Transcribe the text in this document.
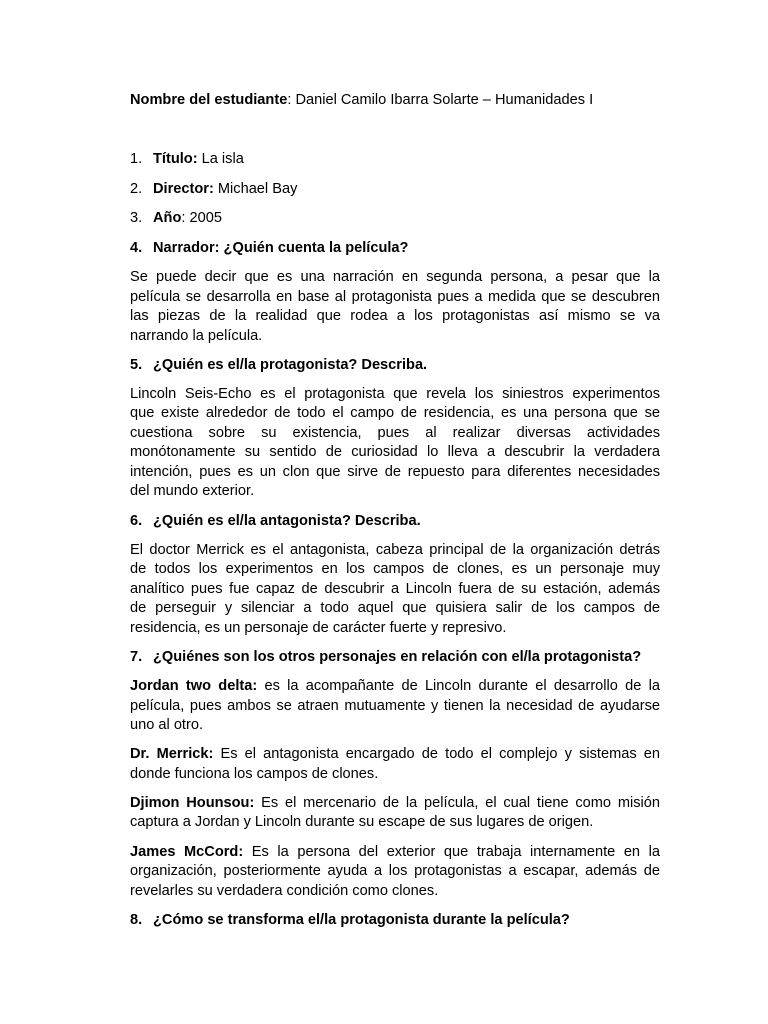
Nombre del estudiante: Daniel Camilo Ibarra Solarte – Humanidades I
1. Título: La isla
2. Director: Michael Bay
3. Año: 2005
4. Narrador: ¿Quién cuenta la película?
Se puede decir que es una narración en segunda persona, a pesar que la
película se desarrolla en base al protagonista pues a medida que se descubren
las piezas de la realidad que rodea a los protagonistas así mismo se va
narrando la película.
5. ¿Quién es el/la protagonista? Describa.
Lincoln Seis-Echo es el protagonista que revela los siniestros experimentos
que existe alrededor de todo el campo de residencia, es una persona que se
cuestiona sobre su existencia, pues al realizar diversas actividades
monótonamente su sentido de curiosidad lo lleva a descubrir la verdadera
intención, pues es un clon que sirve de repuesto para diferentes necesidades
del mundo exterior.
6. ¿Quién es el/la antagonista? Describa.
El doctor Merrick es el antagonista, cabeza principal de la organización detrás
de todos los experimentos en los campos de clones, es un personaje muy
analítico pues fue capaz de descubrir a Lincoln fuera de su estación, además
de perseguir y silenciar a todo aquel que quisiera salir de los campos de
residencia, es un personaje de carácter fuerte y represivo.
7. ¿Quiénes son los otros personajes en relación con el/la protagonista?
Jordan two delta: es la acompañante de Lincoln durante el desarrollo de la
película, pues ambos se atraen mutuamente y tienen la necesidad de ayudarse
uno al otro.
Dr. Merrick: Es el antagonista encargado de todo el complejo y sistemas en
donde funciona los campos de clones.
Djimon Hounsou: Es el mercenario de la película, el cual tiene como misión
captura a Jordan y Lincoln durante su escape de sus lugares de origen.
James McCord: Es la persona del exterior que trabaja internamente en la
organización, posteriormente ayuda a los protagonistas a escapar, además de
revelarles su verdadera condición como clones.
8. ¿Cómo se transforma el/la protagonista durante la película?
